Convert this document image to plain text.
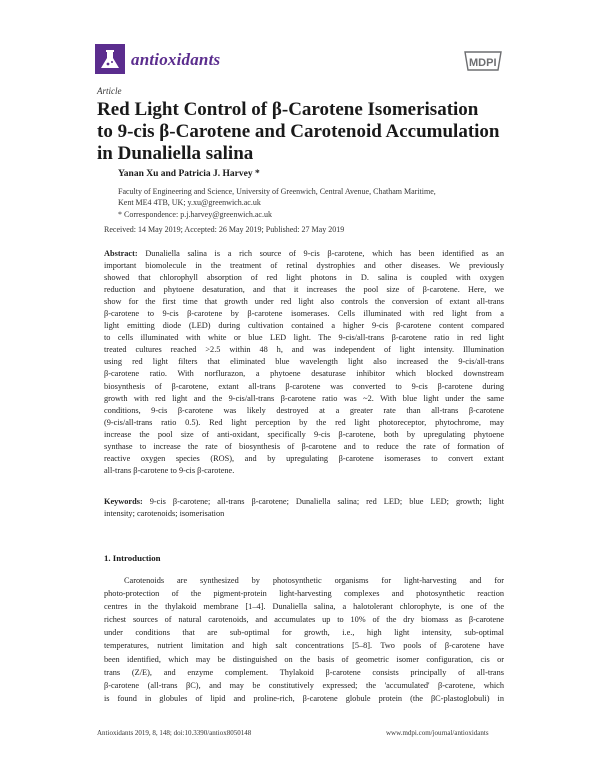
antioxidants	MDPI
Article
Red Light Control of β-Carotene Isomerisation
to 9-cis β-Carotene and Carotenoid Accumulation
in Dunaliella salina
Yanan Xu and Patricia J. Harvey *
Faculty of Engineering and Science, University of Greenwich, Central Avenue, Chatham Maritime,
Kent ME4 4TB, UK; y.xu@greenwich.ac.uk
* Correspondence: p.j.harvey@greenwich.ac.uk
Received: 14 May 2019; Accepted: 26 May 2019; Published: 27 May 2019
Abstract: Dunaliella salina is a rich source of 9-cis β-carotene, which has been identified as an
important biomolecule in the treatment of retinal dystrophies and other diseases. We previously
showed that chlorophyll absorption of red light photons in D. salina is coupled with oxygen
reduction and phytoene desaturation, and that it increases the pool size of β-carotene. Here, we
show for the first time that growth under red light also controls the conversion of extant all-trans
β-carotene to 9-cis β-carotene by β-carotene isomerases. Cells illuminated with red light from a
light emitting diode (LED) during cultivation contained a higher 9-cis β-carotene content compared
to cells illuminated with white or blue LED light. The 9-cis/all-trans β-carotene ratio in red light
treated cultures reached >2.5 within 48 h, and was independent of light intensity. Illumination
using red light filters that eliminated blue wavelength light also increased the 9-cis/all-trans
β-carotene ratio. With norflurazon, a phytoene desaturase inhibitor which blocked downstream
biosynthesis of β-carotene, extant all-trans β-carotene was converted to 9-cis β-carotene during
growth with red light and the 9-cis/all-trans β-carotene ratio was ~2. With blue light under the same
conditions, 9-cis β-carotene was likely destroyed at a greater rate than all-trans β-carotene
(9-cis/all-trans ratio 0.5). Red light perception by the red light photoreceptor, phytochrome, may
increase the pool size of anti-oxidant, specifically 9-cis β-carotene, both by upregulating phytoene
synthase to increase the rate of biosynthesis of β-carotene and to reduce the rate of formation of
reactive oxygen species (ROS), and by upregulating β-carotene isomerases to convert extant
all-trans β-carotene to 9-cis β-carotene.
Keywords: 9-cis β-carotene; all-trans β-carotene; Dunaliella salina; red LED; blue LED; growth; light
intensity; carotenoids; isomerisation
1. Introduction
Carotenoids are synthesized by photosynthetic organisms for light-harvesting and for
photo-protection of the pigment-protein light-harvesting complexes and photosynthetic reaction
centres in the thylakoid membrane [1–4]. Dunaliella salina, a halotolerant chlorophyte, is one of the
richest sources of natural carotenoids, and accumulates up to 10% of the dry biomass as β-carotene
under conditions that are sub-optimal for growth, i.e., high light intensity, sub-optimal
temperatures, nutrient limitation and high salt concentrations [5–8]. Two pools of β-carotene have
been identified, which may be distinguished on the basis of geometric isomer configuration, cis or
trans (Z/E), and enzyme complement. Thylakoid β-carotene consists principally of all-trans
β-carotene (all-trans βC), and may be constitutively expressed; the 'accumulated' β-carotene, which
is found in globules of lipid and proline-rich, β-carotene globule protein (the βC-plastoglobuli) in
Antioxidants 2019, 8, 148; doi:10.3390/antiox8050148	www.mdpi.com/journal/antioxidants
